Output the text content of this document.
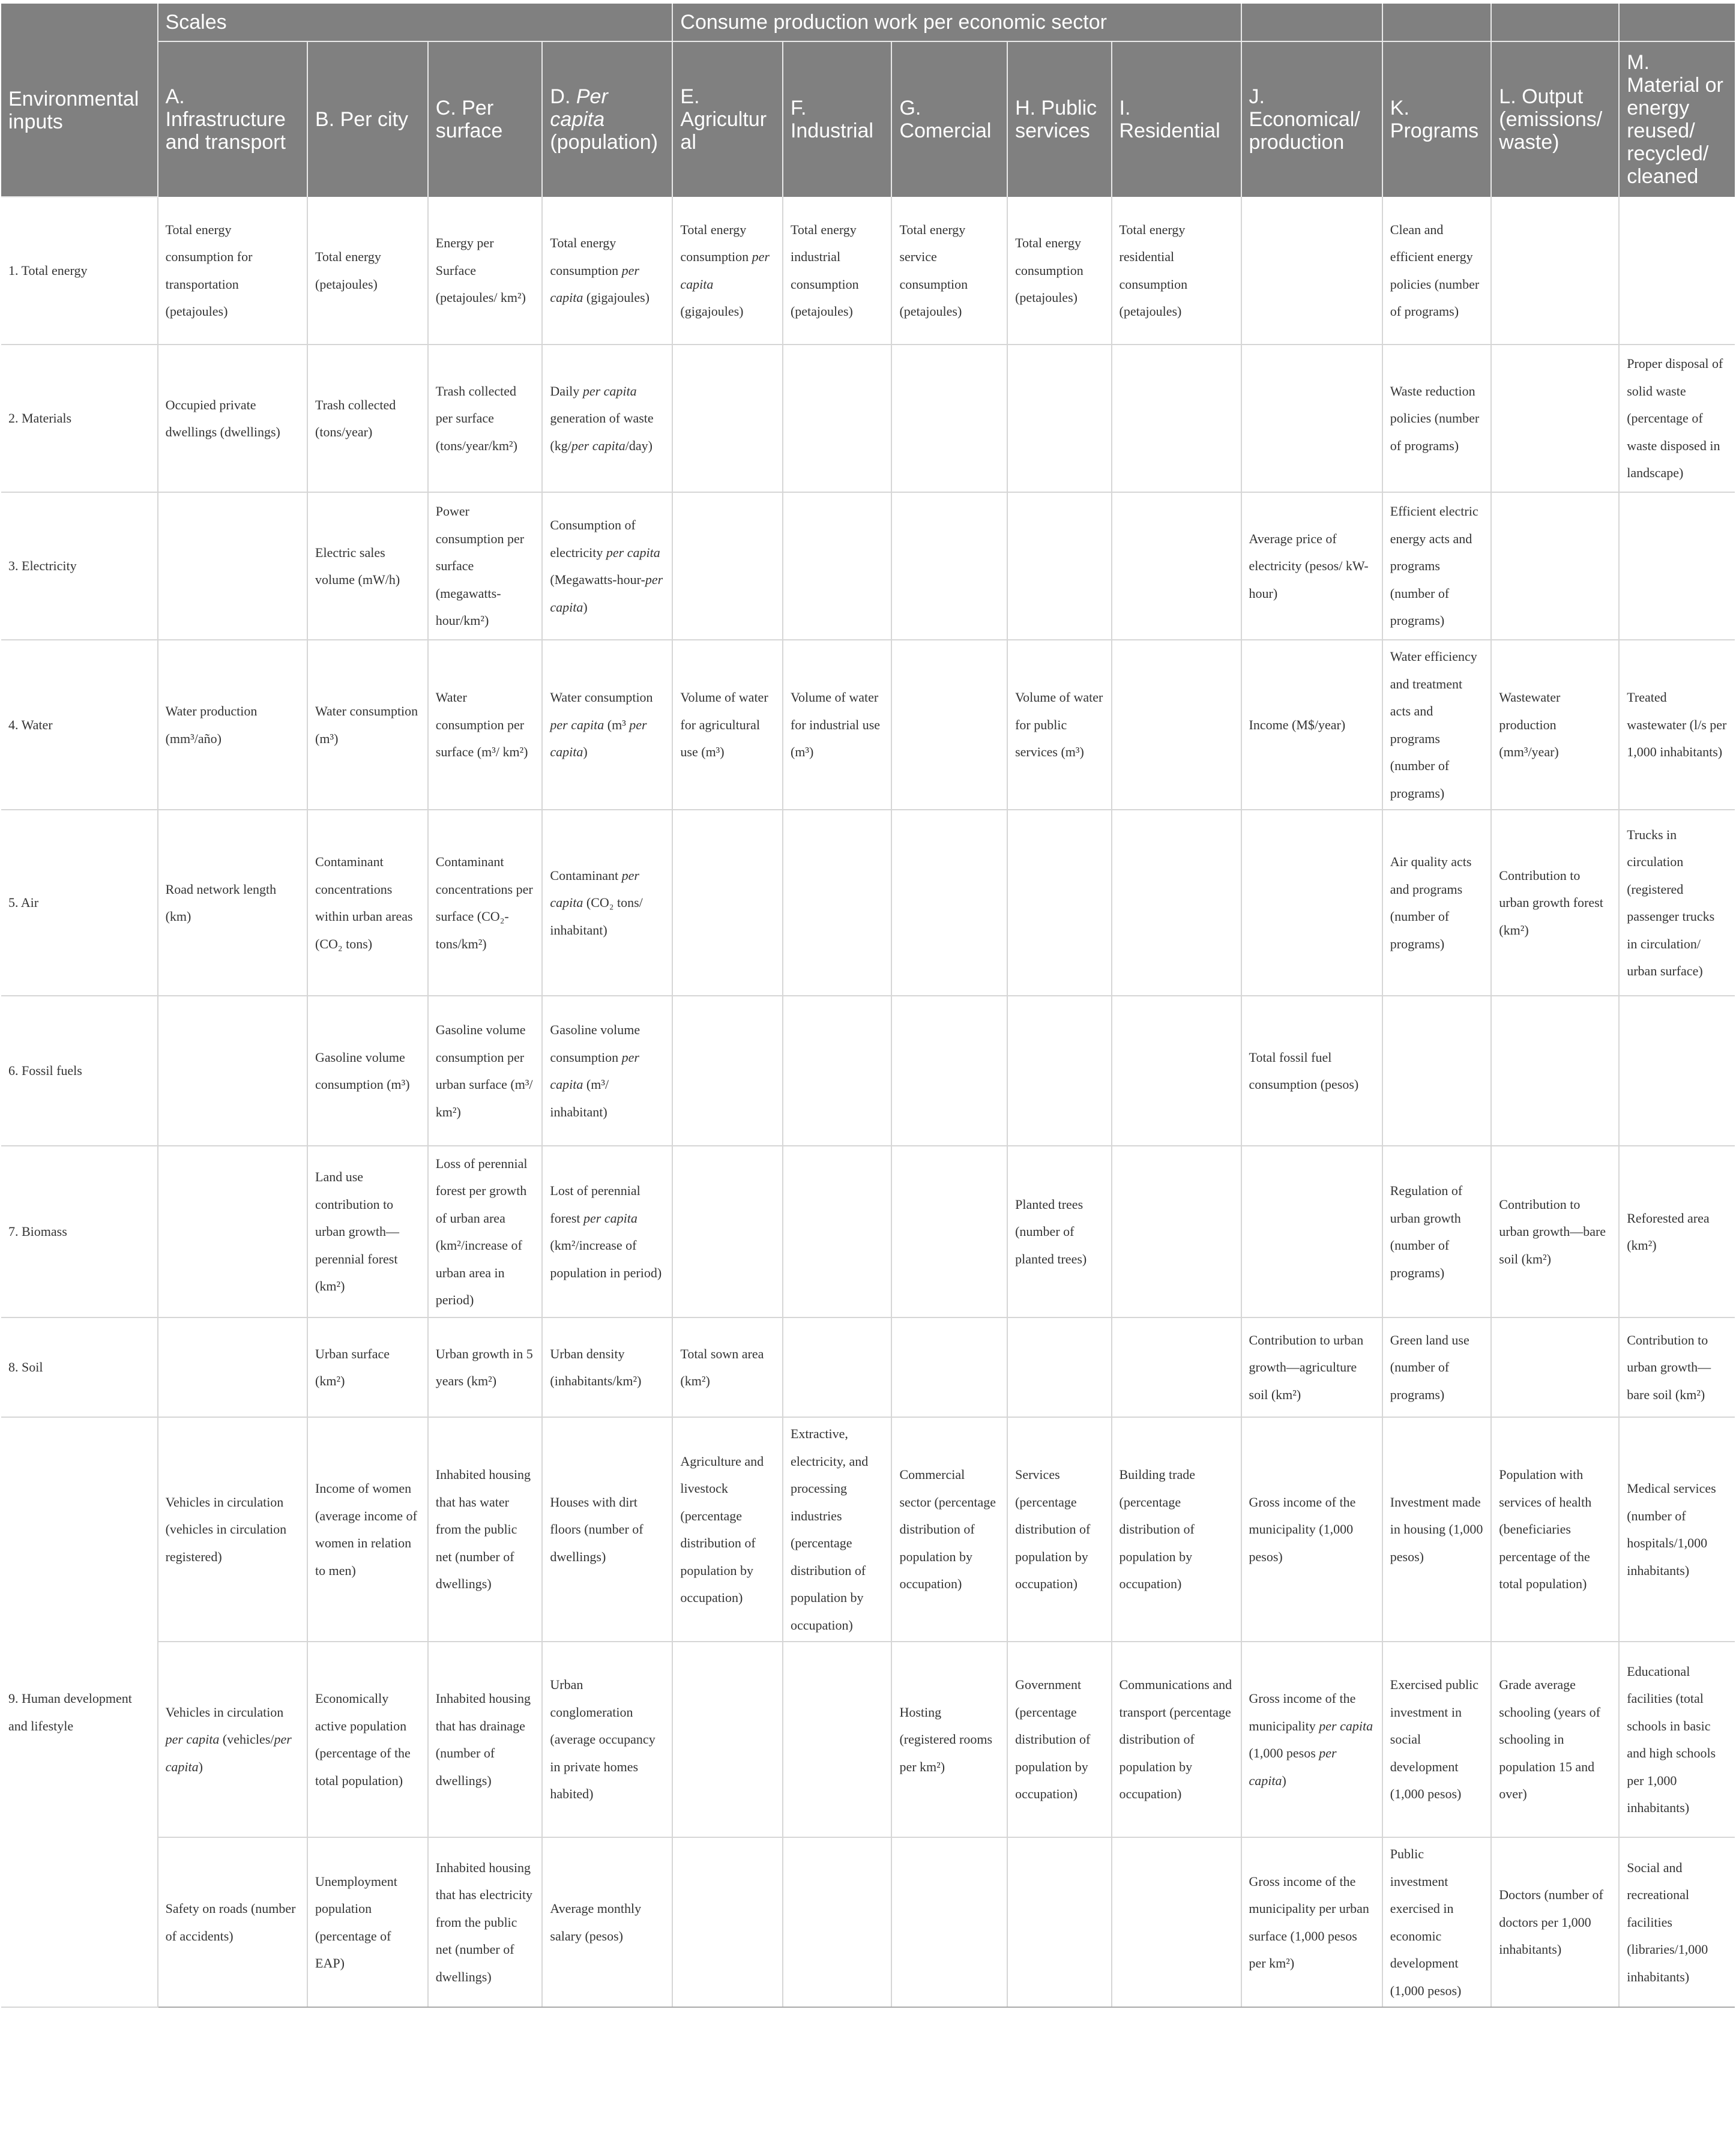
Environmental inputs	Scales				Consume production work per economic sector								
	A. Infrastructure and transport	B. Per city	C. Per surface	D. Per capita (population)	E. Agricultural	F. Industrial	G. Comercial	H. Public services	I. Residential	J. Economical/ production	K. Programs	L. Output (emissions/ waste)	M. Material or energy reused/ recycled/ cleaned
1. Total energy	Total energy consumption for transportation (petajoules)	Total energy (petajoules)	Energy per Surface (petajoules/ km²)	Total energy consumption per capita (gigajoules)	Total energy consumption per capita (gigajoules)	Total energy industrial consumption (petajoules)	Total energy service consumption (petajoules)	Total energy consumption (petajoules)	Total energy residential consumption (petajoules)		Clean and efficient energy policies (number of programs)		
2. Materials	Occupied private dwellings (dwellings)	Trash collected (tons/year)	Trash collected per surface (tons/year/km²)	Daily per capita generation of waste (kg/per capita/day)							Waste reduction policies (number of programs)		Proper disposal of solid waste (percentage of waste disposed in landscape)
3. Electricity		Electric sales volume (mW/h)	Power consumption per surface (megawatts-hour/km²)	Consumption of electricity per capita (Megawatts-hour-per capita)						Average price of electricity (pesos/ kW-hour)	Efficient electric energy acts and programs (number of programs)		
4. Water	Water production (mm³/año)	Water consumption (m³)	Water consumption per surface (m³/ km²)	Water consumption per capita (m³ per capita)	Volume of water for agricultural use (m³)	Volume of water for industrial use (m³)		Volume of water for public services (m³)		Income (M$/year)	Water efficiency and treatment acts and programs (number of programs)	Wastewater production (mm³/year)	Treated wastewater (l/s per 1,000 inhabitants)
5. Air	Road network length (km)	Contaminant concentrations within urban areas (CO₂ tons)	Contaminant concentrations per surface (CO₂-tons/km²)	Contaminant per capita (CO₂ tons/ inhabitant)							Air quality acts and programs (number of programs)	Contribution to urban growth forest (km²)	Trucks in circulation (registered passenger trucks in circulation/ urban surface)
6. Fossil fuels		Gasoline volume consumption (m³)	Gasoline volume consumption per urban surface (m³/ km²)	Gasoline volume consumption per capita (m³/ inhabitant)						Total fossil fuel consumption (pesos)			
7. Biomass		Land use contribution to urban growth—perennial forest (km²)	Loss of perennial forest per growth of urban area (km²/increase of urban area in period)	Lost of perennial forest per capita (km²/increase of population in period)				Planted trees (number of planted trees)			Regulation of urban growth (number of programs)	Contribution to urban growth—bare soil (km²)	Reforested area (km²)
8. Soil		Urban surface (km²)	Urban growth in 5 years (km²)	Urban density (inhabitants/km²)	Total sown area (km²)					Contribution to urban growth—agriculture soil (km²)	Green land use (number of programs)		Contribution to urban growth—bare soil (km²)
9. Human development and lifestyle	Vehicles in circulation (vehicles in circulation registered)	Income of women (average income of women in relation to men)	Inhabited housing that has water from the public net (number of dwellings)	Houses with dirt floors (number of dwellings)	Agriculture and livestock (percentage distribution of population by occupation)	Extractive, electricity, and processing industries (percentage distribution of population by occupation)	Commercial sector (percentage distribution of population by occupation)	Services (percentage distribution of population by occupation)	Building trade (percentage distribution of population by occupation)	Gross income of the municipality (1,000 pesos)	Investment made in housing (1,000 pesos)	Population with services of health (beneficiaries percentage of the total population)	Medical services (number of hospitals/1,000 inhabitants)
	Vehicles in circulation per capita (vehicles/per capita)	Economically active population (percentage of the total population)	Inhabited housing that has drainage (number of dwellings)	Urban conglomeration (average occupancy in private homes habited)			Hosting (registered rooms per km²)	Government (percentage distribution of population by occupation)	Communications and transport (percentage distribution of population by occupation)	Gross income of the municipality per capita (1,000 pesos per capita)	Exercised public investment in social development (1,000 pesos)	Grade average schooling (years of schooling in population 15 and over)	Educational facilities (total schools in basic and high schools per 1,000 inhabitants)
	Safety on roads (number of accidents)	Unemployment population (percentage of EAP)	Inhabited housing that has electricity from the public net (number of dwellings)	Average monthly salary (pesos)						Gross income of the municipality per urban surface (1,000 pesos per km²)	Public investment exercised in economic development (1,000 pesos)	Doctors (number of doctors per 1,000 inhabitants)	Social and recreational facilities (libraries/1,000 inhabitants)
